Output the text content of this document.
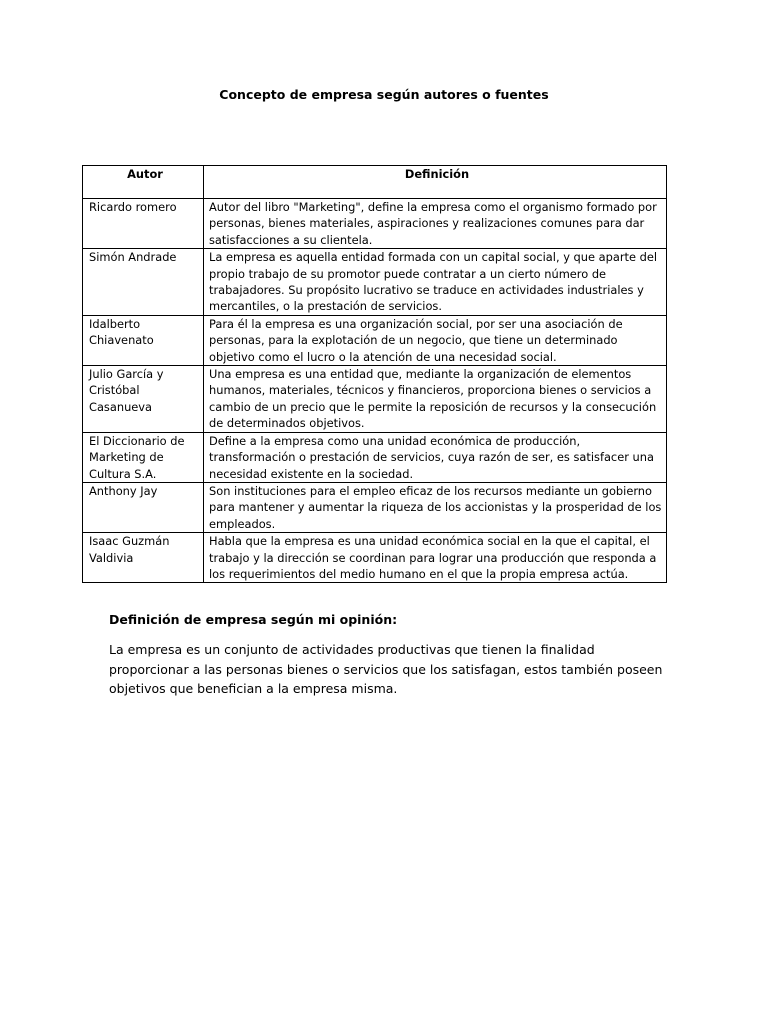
Concepto de empresa según autores o fuentes
Autor	Definición
Ricardo romero	Autor del libro "Marketing", define la empresa como el organismo formado por personas, bienes materiales, aspiraciones y realizaciones comunes para dar satisfacciones a su clientela.
Simón Andrade	La empresa es aquella entidad formada con un capital social, y que aparte del propio trabajo de su promotor puede contratar a un cierto número de trabajadores. Su propósito lucrativo se traduce en actividades industriales y mercantiles, o la prestación de servicios.
Idalberto Chiavenato	Para él la empresa es una organización social, por ser una asociación de personas, para la explotación de un negocio, que tiene un determinado objetivo como el lucro o la atención de una necesidad social.
Julio García y Cristóbal Casanueva	Una empresa es una entidad que, mediante la organización de elementos humanos, materiales, técnicos y financieros, proporciona bienes o servicios a cambio de un precio que le permite la reposición de recursos y la consecución de determinados objetivos.
El Diccionario de Marketing de Cultura S.A.	Define a la empresa como una unidad económica de producción, transformación o prestación de servicios, cuya razón de ser, es satisfacer una necesidad existente en la sociedad.
Anthony Jay	Son instituciones para el empleo eficaz de los recursos mediante un gobierno para mantener y aumentar la riqueza de los accionistas y la prosperidad de los empleados.
Isaac Guzmán Valdivia	Habla que la empresa es una unidad económica social en la que el capital, el trabajo y la dirección se coordinan para lograr una producción que responda a los requerimientos del medio humano en el que la propia empresa actúa.
Definición de empresa según mi opinión:
La empresa es un conjunto de actividades productivas que tienen la finalidad proporcionar a las personas bienes o servicios que los satisfagan, estos también poseen objetivos que benefician a la empresa misma.
